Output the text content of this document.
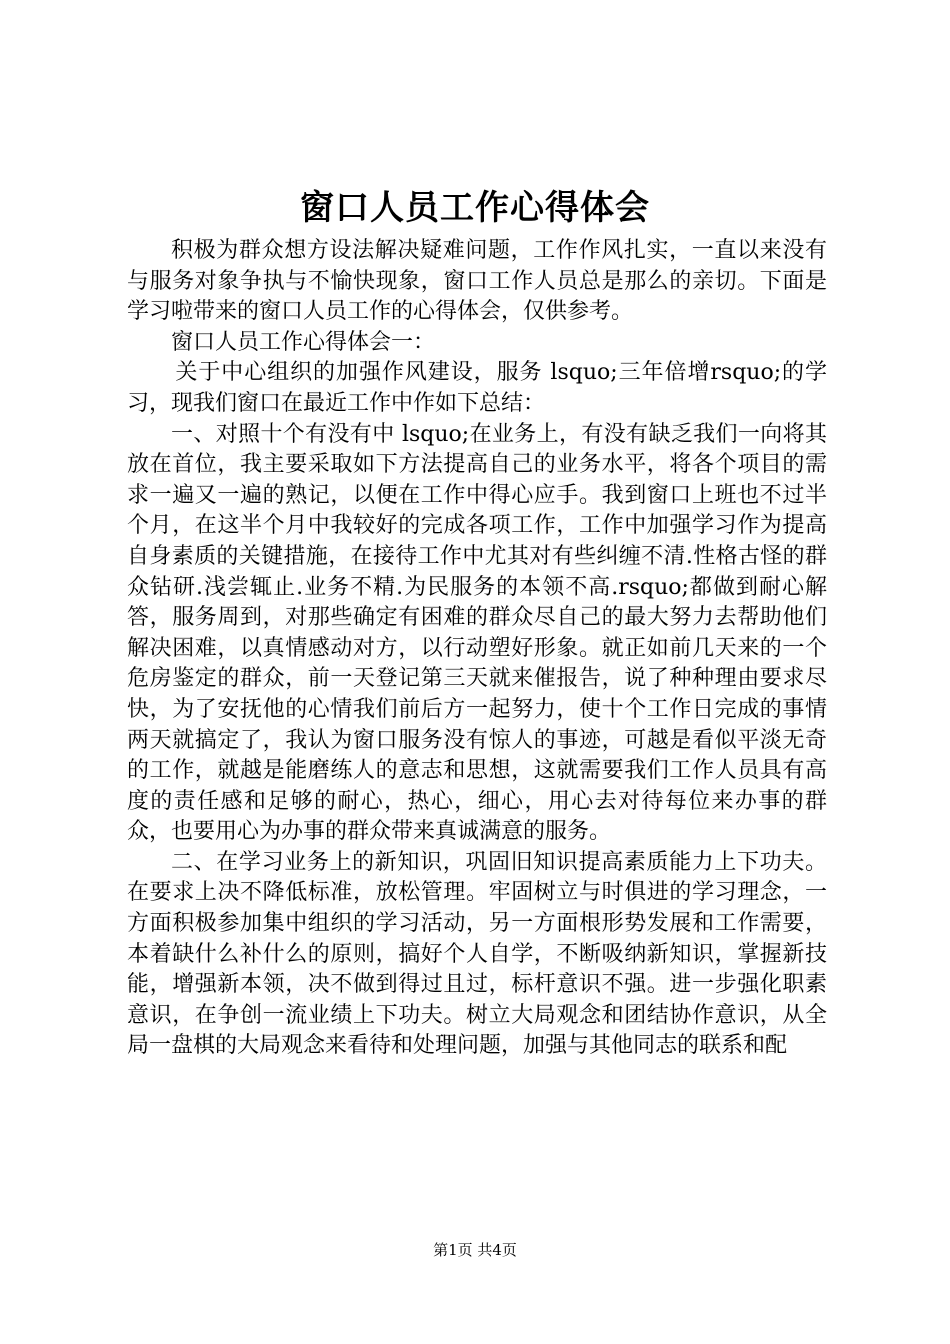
窗口人员工作心得体会

积极为群众想方设法解决疑难问题，工作作风扎实，一直以来没有与服务对象争执与不愉快现象，窗口工作人员总是那么的亲切。下面是学习啦带来的窗口人员工作的心得体会，仅供参考。

窗口人员工作心得体会一：

关于中心组织的加强作风建设，服务 lsquo;三年倍增rsquo;的学习，现我们窗口在最近工作中作如下总结：

一、对照十个有没有中 lsquo;在业务上，有没有缺乏我们一向将其放在首位，我主要采取如下方法提高自己的业务水平，将各个项目的需求一遍又一遍的熟记，以便在工作中得心应手。我到窗口上班也不过半个月，在这半个月中我较好的完成各项工作，工作中加强学习作为提高自身素质的关键措施，在接待工作中尤其对有些纠缠不清.性格古怪的群众钻研.浅尝辄止.业务不精.为民服务的本领不高.rsquo;都做到耐心解答，服务周到，对那些确定有困难的群众尽自己的最大努力去帮助他们解决困难，以真情感动对方，以行动塑好形象。就正如前几天来的一个危房鉴定的群众，前一天登记第三天就来催报告，说了种种理由要求尽快，为了安抚他的心情我们前后方一起努力，使十个工作日完成的事情两天就搞定了，我认为窗口服务没有惊人的事迹，可越是看似平淡无奇的工作，就越是能磨练人的意志和思想，这就需要我们工作人员具有高度的责任感和足够的耐心，热心，细心，用心去对待每位来办事的群众，也要用心为办事的群众带来真诚满意的服务。

二、在学习业务上的新知识，巩固旧知识提高素质能力上下功夫。在要求上决不降低标准，放松管理。牢固树立与时俱进的学习理念，一方面积极参加集中组织的学习活动，另一方面根形势发展和工作需要，本着缺什么补什么的原则，搞好个人自学，不断吸纳新知识，掌握新技能，增强新本领，决不做到得过且过，标杆意识不强。进一步强化职素意识，在争创一流业绩上下功夫。树立大局观念和团结协作意识，从全局一盘棋的大局观念来看待和处理问题，加强与其他同志的联系和配

第1页 共4页
